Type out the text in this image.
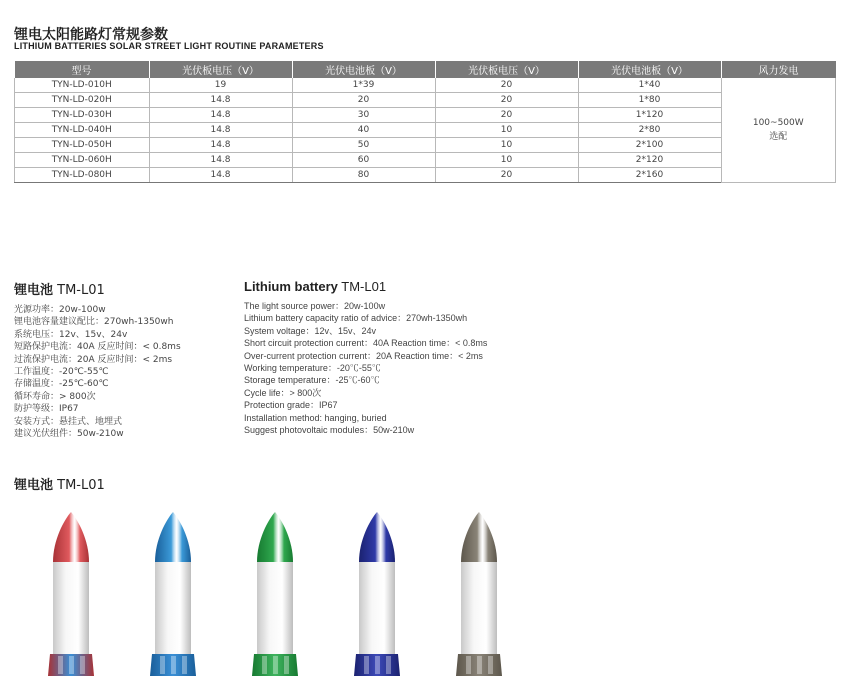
锂电太阳能路灯常规参数
LITHIUM BATTERIES SOLAR STREET LIGHT ROUTINE PARAMETERS
型号	光伏板电压（V）	光伏电池板（V）	光伏板电压（V）	光伏电池板（V）	风力发电
TYN-LD-010H	19	1*39	20	1*40	100~500W
选配

TYN-LD-020H	14.8	20	20	1*80	
TYN-LD-030H	14.8	30	20	1*120	
TYN-LD-040H	14.8	40	10	2*80	
TYN-LD-050H	14.8	50	10	2*100	
TYN-LD-060H	14.8	60	10	2*120	
TYN-LD-080H	14.8	80	20	2*160	
锂电池 TM-L01
光源功率：20w-100w
锂电池容量建议配比：270wh-1350wh
系统电压：12v、15v、24v
短路保护电流：40A 反应时间：< 0.8ms
过流保护电流：20A 反应时间：< 2ms
工作温度：-20℃-55℃
存储温度：-25℃-60℃
循环寿命：> 800次
防护等级：IP67
安装方式：悬挂式、地埋式
建议光伏组件：50w-210w
Lithium battery TM-L01
The light source power：20w-100w
Lithium battery capacity ratio of advice：270wh-1350wh
System voltage：12v、15v、24v
Short circuit protection current：40A Reaction time：< 0.8ms
Over-current protection current：20A Reaction time：< 2ms
Working temperature：-20℃-55℃
Storage temperature：-25℃-60℃
Cycle life：> 800次
Protection grade：IP67
Installation method: hanging, buried
Suggest photovoltaic modules：50w-210w
锂电池 TM-L01
